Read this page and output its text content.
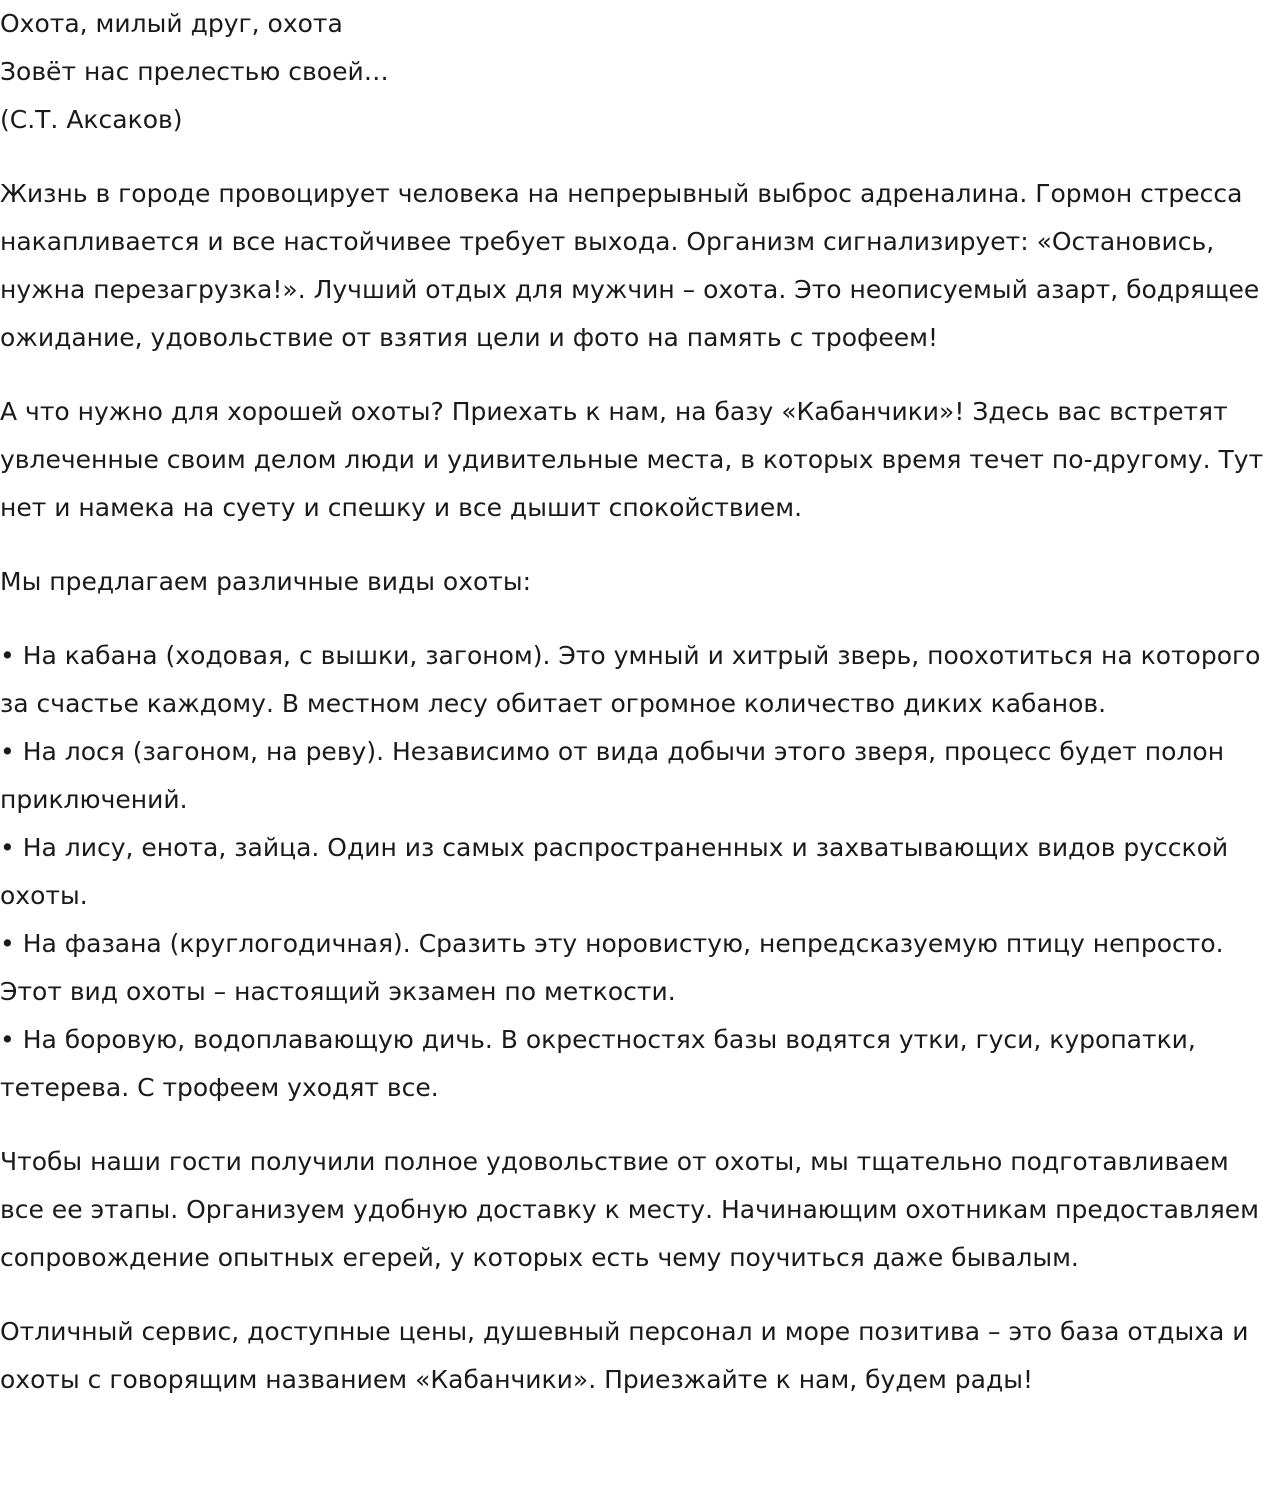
Охота, милый друг, охота
Зовёт нас прелестью своей…
(С.Т. Аксаков)

Жизнь в городе провоцирует человека на непрерывный выброс адреналина. Гормон стресса накапливается и все настойчивее требует выхода. Организм сигнализирует: «Остановись, нужна перезагрузка!». Лучший отдых для мужчин – охота. Это неописуемый азарт, бодрящее ожидание, удовольствие от взятия цели и фото на память с трофеем!

А что нужно для хорошей охоты? Приехать к нам, на базу «Кабанчики»! Здесь вас встретят увлеченные своим делом люди и удивительные места, в которых время течет по-другому. Тут нет и намека на суету и спешку и все дышит спокойствием.

Мы предлагаем различные виды охоты:

• На кабана (ходовая, с вышки, загоном). Это умный и хитрый зверь, поохотиться на которого за счастье каждому. В местном лесу обитает огромное количество диких кабанов.
• На лося (загоном, на реву). Независимо от вида добычи этого зверя, процесс будет полон приключений.
• На лису, енота, зайца. Один из самых распространенных и захватывающих видов русской охоты.
• На фазана (круглогодичная). Сразить эту норовистую, непредсказуемую птицу непросто. Этот вид охоты – настоящий экзамен по меткости.
• На боровую, водоплавающую дичь. В окрестностях базы водятся утки, гуси, куропатки, тетерева. С трофеем уходят все.

Чтобы наши гости получили полное удовольствие от охоты, мы тщательно подготавливаем все ее этапы. Организуем удобную доставку к месту. Начинающим охотникам предоставляем сопровождение опытных егерей, у которых есть чему поучиться даже бывалым.

Отличный сервис, доступные цены, душевный персонал и море позитива – это база отдыха и охоты с говорящим названием «Кабанчики». Приезжайте к нам, будем рады!
